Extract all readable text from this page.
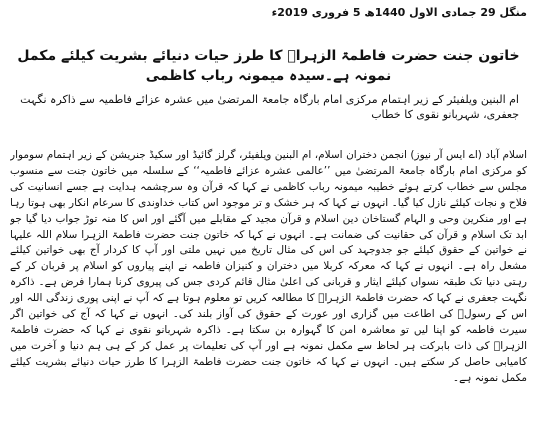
منگل 29 جمادی الاول 1440ھ 5 فروری 2019ء
خاتون جنت حضرت فاطمۃ الزہراؑ کا طرز حیات دنیائے بشریت کیلئے مکمل نمونہ ہے۔سیدہ میمونہ رباب کاظمی
ام البنین ویلفیئر کے زیر اہتمام مرکزی امام بارگاہ جامعۃ المرتضیٰ میں عشرہ عزائے فاطمیہ سے ذاکرہ نگہت جعفری، شہربانو نقوی کا خطاب

اسلام آباد (اے ایس آر نیوز) انجمن دختران اسلام، ام البنین ویلفیئر، گرلز گائیڈ اور سکیڈ جنریشن کے زیر اہتمام سوموار کو مرکزی امام بارگاہ جامعۃ المرتضیٰ میں ’’عالمی عشرہ عزائے فاطمیہ‘‘ کے سلسلہ میں خاتون جنت سے منسوب مجلس سے خطاب کرتے ہوئے خطیبہ میمونہ رباب کاظمی نے کہا کہ قرآن وہ سرچشمہ ہدایت ہے جسے انسانیت کی فلاح و نجات کیلئے نازل کیا گیا۔ انہوں نے کہا کہ ہر خشک و تر موجود اس کتاب خداوندی کا سرعام انکار بھی ہوتا رہا ہے اور منکرین وحی و الہام گستاخان دین اسلام و قرآن مجید کے مقابلے میں آگئے اور اس کا منہ توڑ جواب دیا گیا جو ابد تک اسلام و قرآن کی حقانیت کی ضمانت ہے۔ انہوں نے کہا کہ خاتون جنت حضرت فاطمۃ الزہرا سلام اللہ علیہا نے خواتین کے حقوق کیلئے جو جدوجہد کی اس کی مثال تاریخ میں نہیں ملتی اور آپ کا کردار آج بھی خواتین کیلئے مشعل راہ ہے۔ انہوں نے کہا کہ معرکہ کربلا میں دختران و کنیزان فاطمہ نے اپنے پیاروں کو اسلام پر قربان کر کے رہتی دنیا تک طبقہ نسواں کیلئے ایثار و قربانی کی اعلیٰ مثال قائم کردی جس کی پیروی کرنا ہمارا فرض ہے۔ ذاکرہ نگہت جعفری نے کہا کہ حضرت فاطمۃ الزہراؑ کا مطالعہ کریں تو معلوم ہوتا ہے کہ آپ نے اپنی پوری زندگی اللہ اور اس کے رسولؐ کی اطاعت میں گزاری اور عورت کے حقوق کی آواز بلند کی۔ انہوں نے کہا کہ آج کی خواتین اگر سیرت فاطمہ کو اپنا لیں تو معاشرہ امن کا گہوارہ بن سکتا ہے۔ ذاکرہ شہربانو نقوی نے کہا کہ حضرت فاطمۃ الزہراؑ کی ذات بابرکت ہر لحاظ سے مکمل نمونہ ہے اور آپ کی تعلیمات پر عمل کر کے ہی ہم دنیا و آخرت میں کامیابی حاصل کر سکتے ہیں۔ انہوں نے کہا کہ خاتون جنت حضرت فاطمۃ الزہرا کا طرز حیات دنیائے بشریت کیلئے مکمل نمونہ ہے۔
